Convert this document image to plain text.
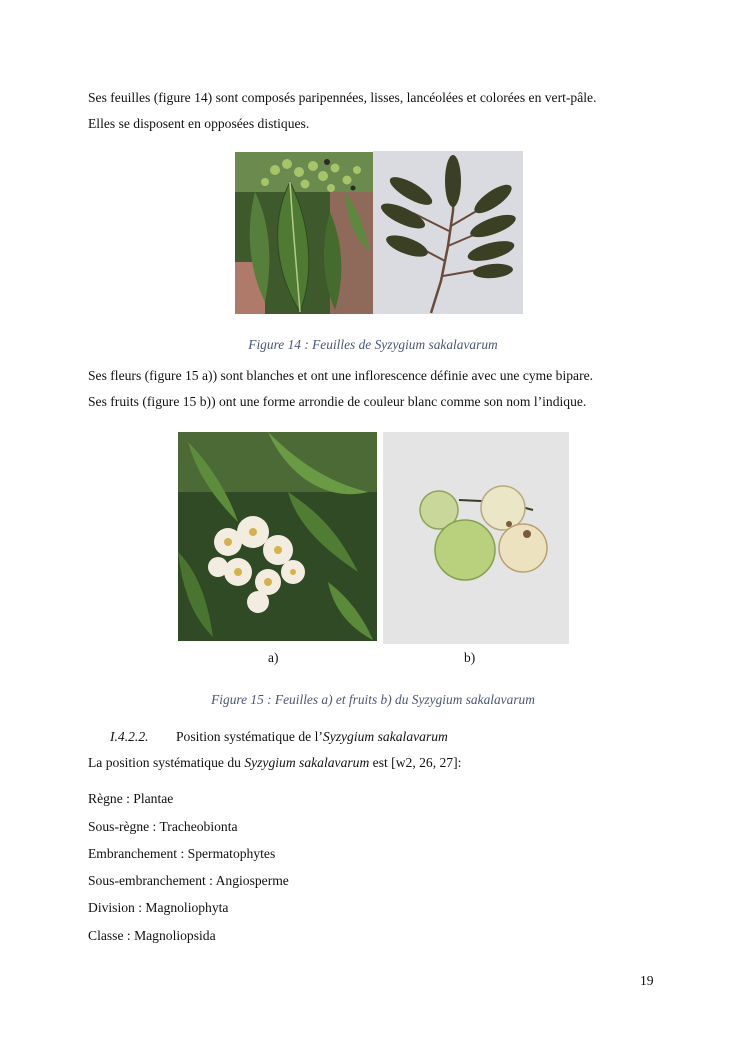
Ses feuilles (figure 14) sont composés paripennées, lisses, lancéolées et colorées en vert-pâle.

Elles se disposent en opposées distiques.

Figure 14 : Feuilles de Syzygium sakalavarum

Ses fleurs (figure 15 a)) sont blanches et ont une inflorescence définie avec une cyme bipare.

Ses fruits (figure 15 b)) ont une forme arrondie de couleur blanc comme son nom l’indique.

a)	b)
Figure 15 : Feuilles a) et fruits b) du Syzygium sakalavarum
I.4.2.2. Position systématique de l’Syzygium sakalavarum
La position systématique du Syzygium sakalavarum est [w2, 26, 27]:
Règne : Plantae
Sous-règne : Tracheobionta
Embranchement : Spermatophytes
Sous-embranchement : Angiosperme
Division : Magnoliophyta
Classe : Magnoliopsida
19
